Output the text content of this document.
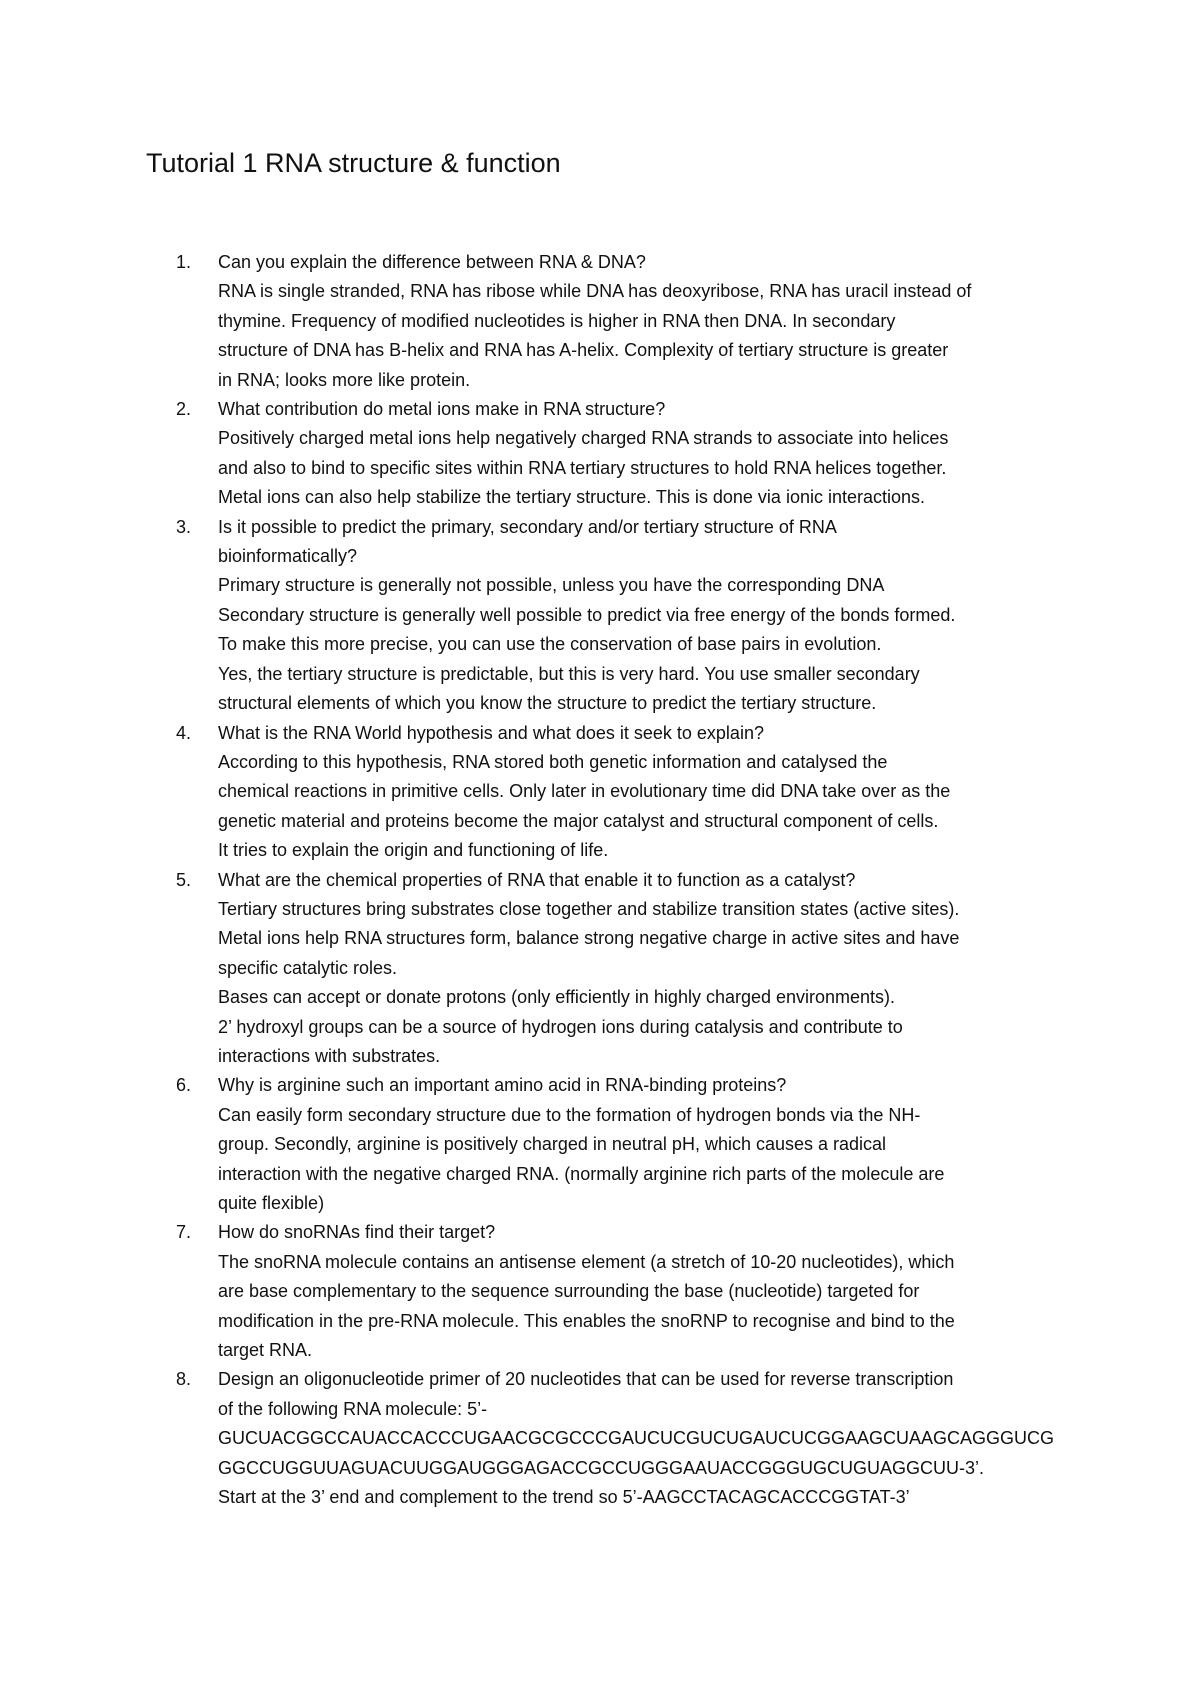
Tutorial 1 RNA structure & function
1.	Can you explain the difference between RNA & DNA?
RNA is single stranded, RNA has ribose while DNA has deoxyribose, RNA has uracil instead of
thymine. Frequency of modified nucleotides is higher in RNA then DNA. In secondary
structure of DNA has B-helix and RNA has A-helix. Complexity of tertiary structure is greater
in RNA; looks more like protein.
2.	What contribution do metal ions make in RNA structure?
Positively charged metal ions help negatively charged RNA strands to associate into helices
and also to bind to specific sites within RNA tertiary structures to hold RNA helices together.
Metal ions can also help stabilize the tertiary structure. This is done via ionic interactions.
3.	Is it possible to predict the primary, secondary and/or tertiary structure of RNA
bioinformatically?
Primary structure is generally not possible, unless you have the corresponding DNA
Secondary structure is generally well possible to predict via free energy of the bonds formed.
To make this more precise, you can use the conservation of base pairs in evolution.
Yes, the tertiary structure is predictable, but this is very hard. You use smaller secondary
structural elements of which you know the structure to predict the tertiary structure.
4.	What is the RNA World hypothesis and what does it seek to explain?
According to this hypothesis, RNA stored both genetic information and catalysed the
chemical reactions in primitive cells. Only later in evolutionary time did DNA take over as the
genetic material and proteins become the major catalyst and structural component of cells.
It tries to explain the origin and functioning of life.
5.	What are the chemical properties of RNA that enable it to function as a catalyst?
Tertiary structures bring substrates close together and stabilize transition states (active sites).
Metal ions help RNA structures form, balance strong negative charge in active sites and have
specific catalytic roles.
Bases can accept or donate protons (only efficiently in highly charged environments).
2’ hydroxyl groups can be a source of hydrogen ions during catalysis and contribute to
interactions with substrates.
6.	Why is arginine such an important amino acid in RNA-binding proteins?
Can easily form secondary structure due to the formation of hydrogen bonds via the NH-
group. Secondly, arginine is positively charged in neutral pH, which causes a radical
interaction with the negative charged RNA. (normally arginine rich parts of the molecule are
quite flexible)
7.	How do snoRNAs find their target?
The snoRNA molecule contains an antisense element (a stretch of 10-20 nucleotides), which
are base complementary to the sequence surrounding the base (nucleotide) targeted for
modification in the pre-RNA molecule. This enables the snoRNP to recognise and bind to the
target RNA.
8.	Design an oligonucleotide primer of 20 nucleotides that can be used for reverse transcription
of the following RNA molecule: 5’-
GUCUACGGCCAUACCACCCUGAACGCGCCCGAUCUCGUCUGAUCUCGGAAGCUAAGCAGGGUCG
GGCCUGGUUAGUACUUGGAUGGGAGACCGCCUGGGAAUACCGGGUGCUGUAGGCUU-3’.
Start at the 3’ end and complement to the trend so 5’-AAGCCTACAGCACCCGGTAT-3’
